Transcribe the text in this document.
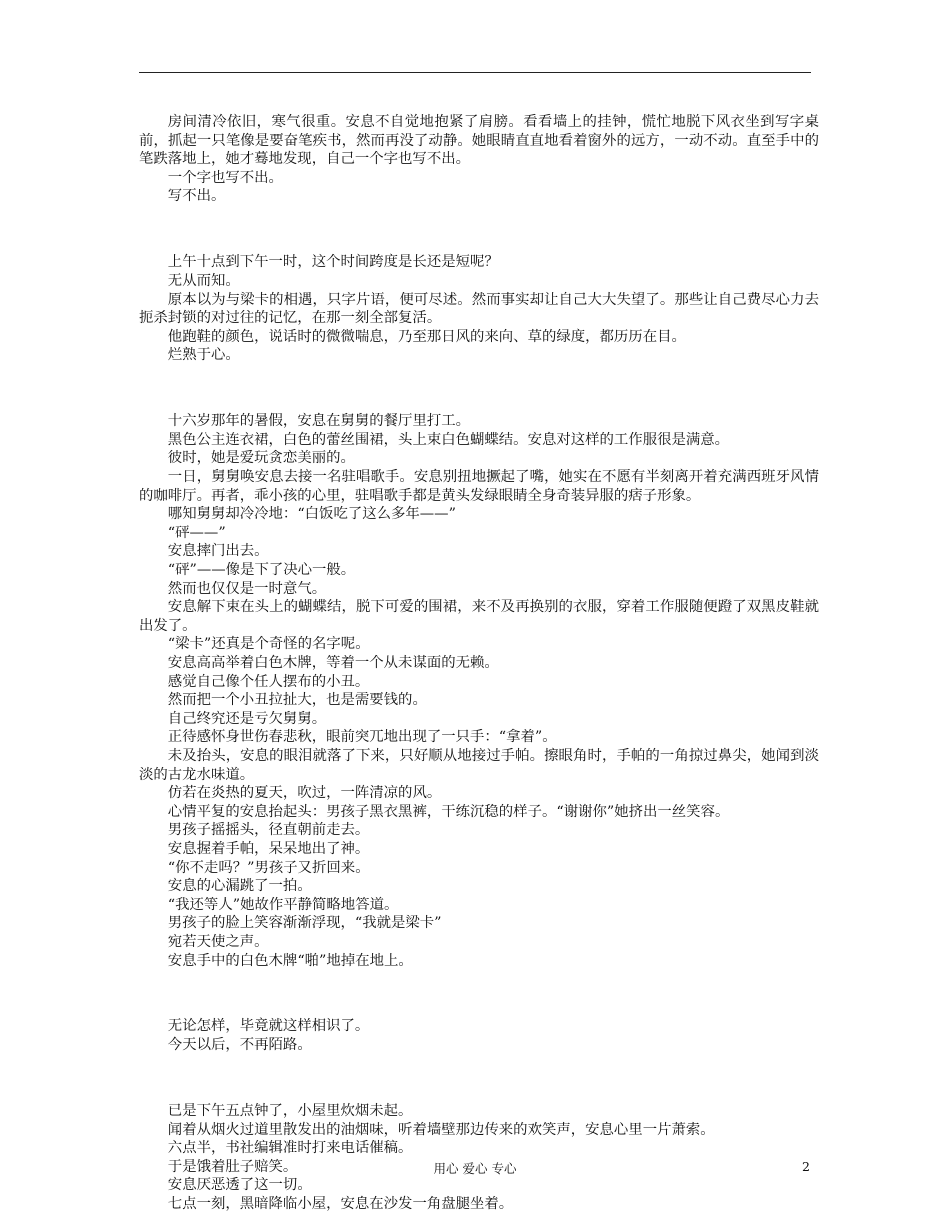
房间清冷依旧，寒气很重。安息不自觉地抱紧了肩膀。看看墙上的挂钟，慌忙地脱下风衣坐到写字桌前，抓起一只笔像是要奋笔疾书，然而再没了动静。她眼睛直直地看着窗外的远方，一动不动。直至手中的笔跌落地上，她才蓦地发现，自己一个字也写不出。

一个字也写不出。

写不出。

上午十点到下午一时，这个时间跨度是长还是短呢？

无从而知。

原本以为与梁卡的相遇，只字片语，便可尽述。然而事实却让自己大大失望了。那些让自己费尽心力去扼杀封锁的对过往的记忆，在那一刻全部复活。

他跑鞋的颜色，说话时的微微喘息，乃至那日风的来向、草的绿度，都历历在目。

烂熟于心。

十六岁那年的暑假，安息在舅舅的餐厅里打工。

黑色公主连衣裙，白色的蕾丝围裙，头上束白色蝴蝶结。安息对这样的工作服很是满意。

彼时，她是爱玩贪恋美丽的。

一日，舅舅唤安息去接一名驻唱歌手。安息别扭地撅起了嘴，她实在不愿有半刻离开着充满西班牙风情的咖啡厅。再者，乖小孩的心里，驻唱歌手都是黄头发绿眼睛全身奇装异服的痞子形象。

哪知舅舅却冷冷地：“白饭吃了这么多年——”

“砰——”

安息摔门出去。

“砰”——像是下了决心一般。

然而也仅仅是一时意气。

安息解下束在头上的蝴蝶结，脱下可爱的围裙，来不及再换别的衣服，穿着工作服随便蹬了双黑皮鞋就出发了。

“梁卡”还真是个奇怪的名字呢。

安息高高举着白色木牌，等着一个从未谋面的无赖。

感觉自己像个任人摆布的小丑。

然而把一个小丑拉扯大，也是需要钱的。

自己终究还是亏欠舅舅。

正待感怀身世伤春悲秋，眼前突兀地出现了一只手：“拿着”。

未及抬头，安息的眼泪就落了下来，只好顺从地接过手帕。擦眼角时，手帕的一角掠过鼻尖，她闻到淡淡的古龙水味道。

仿若在炎热的夏天，吹过，一阵清凉的风。

心情平复的安息抬起头：男孩子黑衣黑裤，干练沉稳的样子。“谢谢你”她挤出一丝笑容。

男孩子摇摇头，径直朝前走去。

安息握着手帕，呆呆地出了神。

“你不走吗？”男孩子又折回来。

安息的心漏跳了一拍。

“我还等人”她故作平静简略地答道。

男孩子的脸上笑容渐渐浮现，“我就是梁卡”

宛若天使之声。

安息手中的白色木牌“啪”地掉在地上。

无论怎样，毕竟就这样相识了。

今天以后，不再陌路。

已是下午五点钟了，小屋里炊烟未起。

闻着从烟火过道里散发出的油烟味，听着墙壁那边传来的欢笑声，安息心里一片萧索。

六点半，书社编辑准时打来电话催稿。

于是饿着肚子赔笑。

安息厌恶透了这一切。

七点一刻，黑暗降临小屋，安息在沙发一角盘腿坐着。

用心 爱心 专心	2
